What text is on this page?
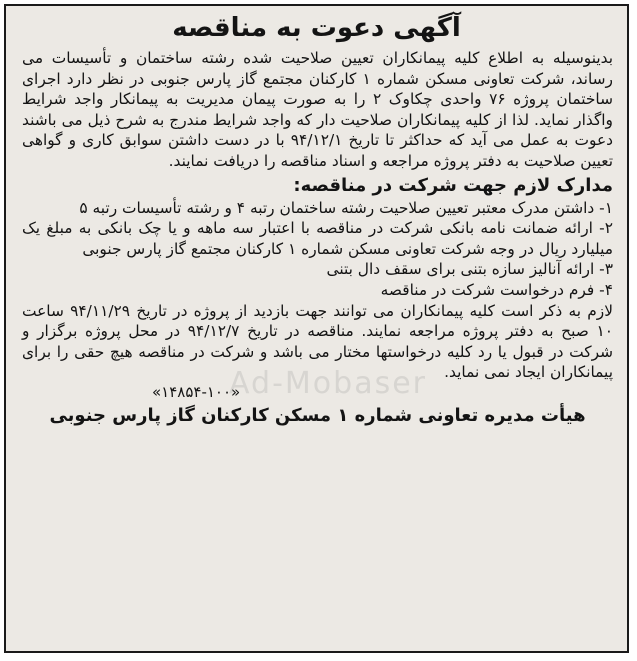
Ad-Mobaser
آگهی دعوت به مناقصه

بدینوسیله به اطلاع کلیه پیمانکاران تعیین صلاحیت شده رشته ساختمان و تأسیسات می رساند، شرکت تعاونی مسکن شماره ۱ کارکنان مجتمع گاز پارس جنوبی در نظر دارد اجرای ساختمان پروژه ۷۶ واحدی چکاوک ۲ را به صورت پیمان مدیریت به پیمانکار واجد شرایط واگذار نماید. لذا از کلیه پیمانکاران صلاحیت دار که واجد شرایط مندرج به شرح ذیل می باشند دعوت به عمل می آید که حداکثر تا تاریخ ۹۴/۱۲/۱ با در دست داشتن سوابق کاری و گواهی تعیین صلاحیت به دفتر پروژه مراجعه و اسناد مناقصه را دریافت نمایند.

مدارک لازم جهت شرکت در مناقصه:

۱- داشتن مدرک معتبر تعیین صلاحیت رشته ساختمان رتبه ۴ و رشته تأسیسات رتبه ۵

۲- ارائه ضمانت نامه بانکی شرکت در مناقصه با اعتبار سه ماهه و یا چک بانکی به مبلغ یک میلیارد ریال در وجه شرکت تعاونی مسکن شماره ۱ کارکنان مجتمع گاز پارس جنوبی

۳- ارائه آنالیز سازه بتنی برای سقف دال بتنی

۴- فرم درخواست شرکت در مناقصه

لازم به ذکر است کلیه پیمانکاران می توانند جهت بازدید از پروژه در تاریخ ۹۴/۱۱/۲۹ ساعت ۱۰ صبح به دفتر پروژه مراجعه نمایند. مناقصه در تاریخ ۹۴/۱۲/۷ در محل پروژه برگزار و شرکت در قبول یا رد کلیه درخواستها مختار می باشد و شرکت در مناقصه هیچ حقی را برای پیمانکاران ایجاد نمی نماید.

«۱۴۸۵۴-۱۰۰»

هیأت مدیره تعاونی شماره ۱ مسکن کارکنان گاز پارس جنوبی
